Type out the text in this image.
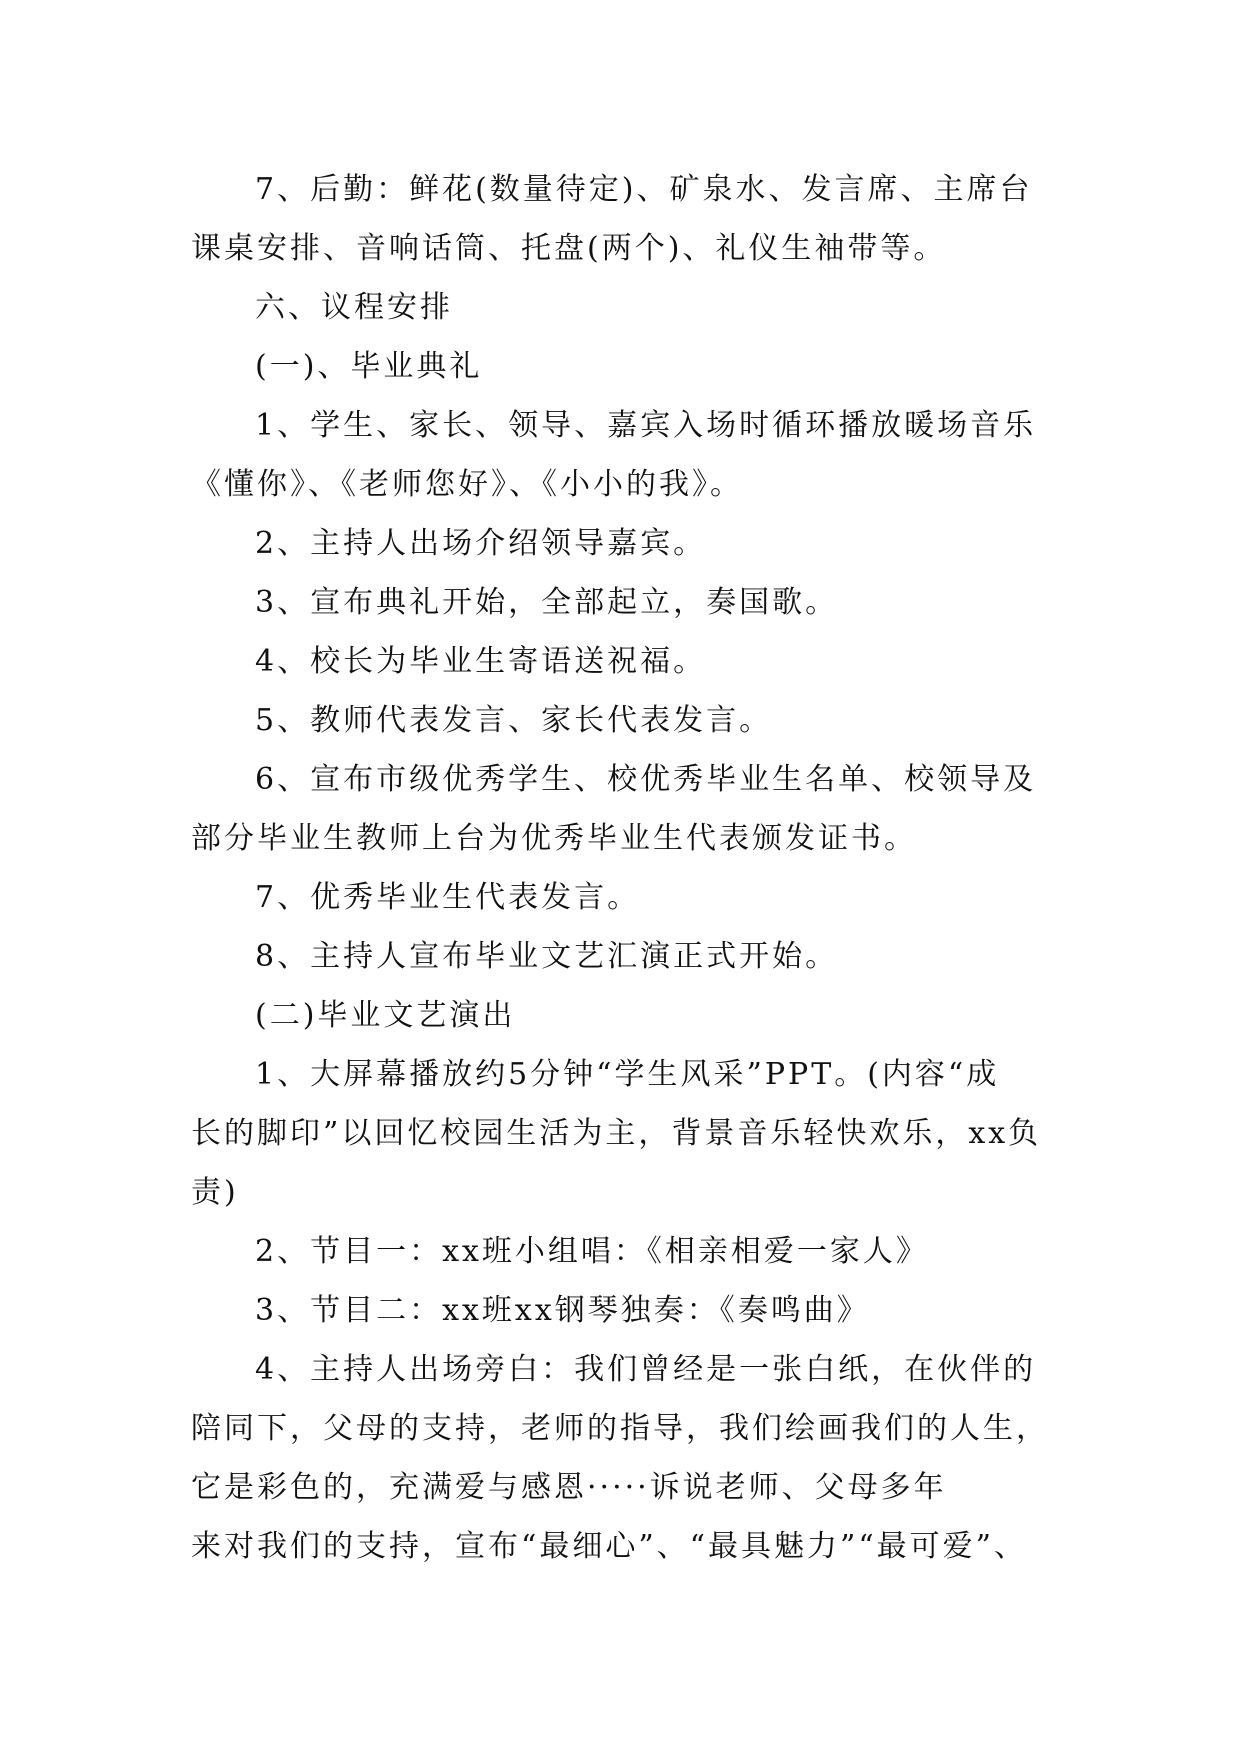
7、后勤：鲜花(数量待定)、矿泉水、发言席、主席台
课桌安排、音响话筒、托盘(两个)、礼仪生袖带等。
六、议程安排
(一)、毕业典礼
1、学生、家长、领导、嘉宾入场时循环播放暖场音乐
《懂你》、《老师您好》、《小小的我》。
2、主持人出场介绍领导嘉宾。
3、宣布典礼开始，全部起立，奏国歌。
4、校长为毕业生寄语送祝福。
5、教师代表发言、家长代表发言。
6、宣布市级优秀学生、校优秀毕业生名单、校领导及
部分毕业生教师上台为优秀毕业生代表颁发证书。
7、优秀毕业生代表发言。
8、主持人宣布毕业文艺汇演正式开始。
(二)毕业文艺演出
1、大屏幕播放约5分钟“学生风采”PPT。(内容“成
长的脚印”以回忆校园生活为主，背景音乐轻快欢乐，xx负
责)
2、节目一：xx班小组唱：《相亲相爱一家人》
3、节目二：xx班xx钢琴独奏：《奏鸣曲》
4、主持人出场旁白：我们曾经是一张白纸，在伙伴的
陪同下，父母的支持，老师的指导，我们绘画我们的人生，
它是彩色的，充满爱与感恩·····诉说老师、父母多年
来对我们的支持，宣布“最细心”、“最具魅力”“最可爱”、
